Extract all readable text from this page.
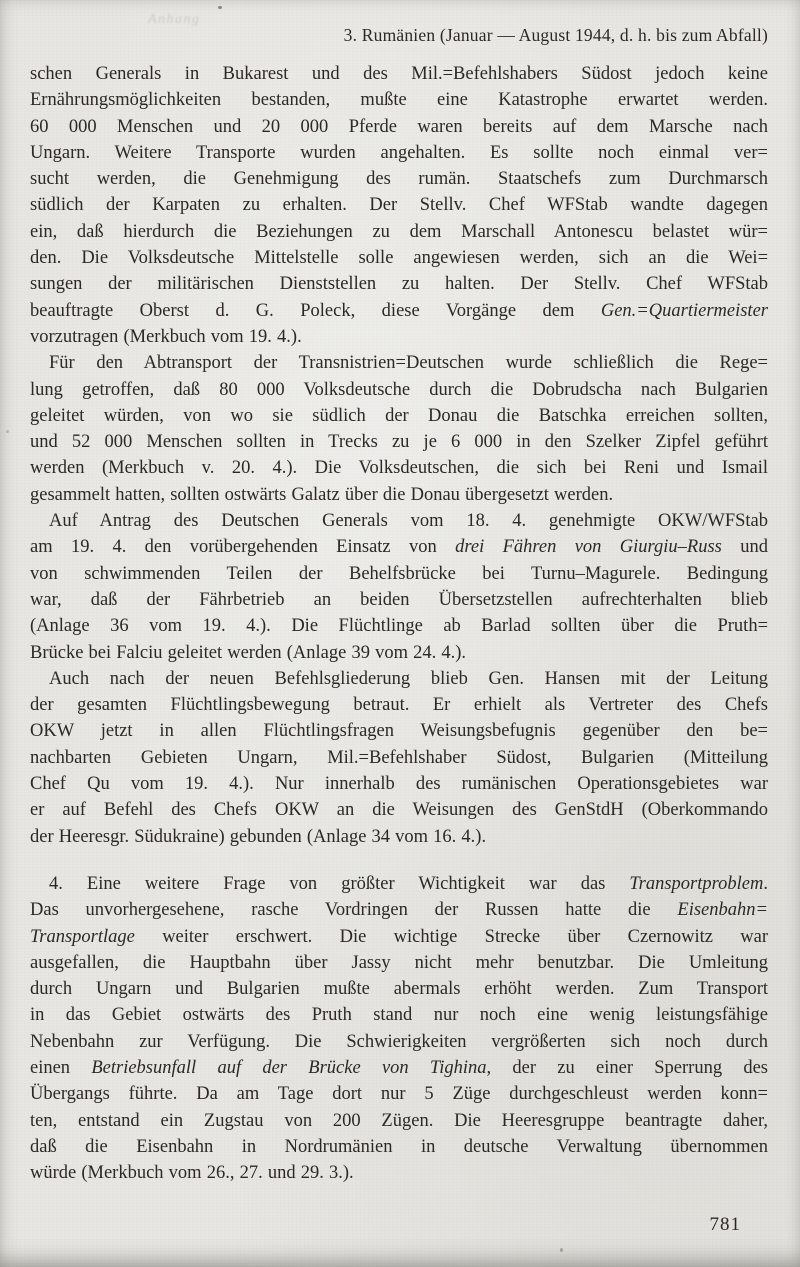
Anhang
3. Rumänien (Januar — August 1944, d. h. bis zum Abfall)
schen Generals in Bukarest und des Mil.=Befehlshabers Südost jedoch keine
Ernährungsmöglichkeiten bestanden, mußte eine Katastrophe erwartet werden.
60 000 Menschen und 20 000 Pferde waren bereits auf dem Marsche nach
Ungarn. Weitere Transporte wurden angehalten. Es sollte noch einmal ver=
sucht werden, die Genehmigung des rumän. Staatschefs zum Durchmarsch
südlich der Karpaten zu erhalten. Der Stellv. Chef WFStab wandte dagegen
ein, daß hierdurch die Beziehungen zu dem Marschall Antonescu belastet wür=
den. Die Volksdeutsche Mittelstelle solle angewiesen werden, sich an die Wei=
sungen der militärischen Dienststellen zu halten. Der Stellv. Chef WFStab
beauftragte Oberst d. G. Poleck, diese Vorgänge dem Gen.=Quartiermeister
vorzutragen (Merkbuch vom 19. 4.).
Für den Abtransport der Transnistrien=Deutschen wurde schließlich die Rege=
lung getroffen, daß 80 000 Volksdeutsche durch die Dobrudscha nach Bulgarien
geleitet würden, von wo sie südlich der Donau die Batschka erreichen sollten,
und 52 000 Menschen sollten in Trecks zu je 6 000 in den Szelker Zipfel geführt
werden (Merkbuch v. 20. 4.). Die Volksdeutschen, die sich bei Reni und Ismail
gesammelt hatten, sollten ostwärts Galatz über die Donau übergesetzt werden.
Auf Antrag des Deutschen Generals vom 18. 4. genehmigte OKW/WFStab
am 19. 4. den vorübergehenden Einsatz von drei Fähren von Giurgiu–Russ und
von schwimmenden Teilen der Behelfsbrücke bei Turnu–Magurele. Bedingung
war, daß der Fährbetrieb an beiden Übersetzstellen aufrechterhalten blieb
(Anlage 36 vom 19. 4.). Die Flüchtlinge ab Barlad sollten über die Pruth=
Brücke bei Falciu geleitet werden (Anlage 39 vom 24. 4.).
Auch nach der neuen Befehlsgliederung blieb Gen. Hansen mit der Leitung
der gesamten Flüchtlingsbewegung betraut. Er erhielt als Vertreter des Chefs
OKW jetzt in allen Flüchtlingsfragen Weisungsbefugnis gegenüber den be=
nachbarten Gebieten Ungarn, Mil.=Befehlshaber Südost, Bulgarien (Mitteilung
Chef Qu vom 19. 4.). Nur innerhalb des rumänischen Operationsgebietes war
er auf Befehl des Chefs OKW an die Weisungen des GenStdH (Oberkommando
der Heeresgr. Südukraine) gebunden (Anlage 34 vom 16. 4.).
4. Eine weitere Frage von größter Wichtigkeit war das Transportproblem.
Das unvorhergesehene, rasche Vordringen der Russen hatte die Eisenbahn=
Transportlage weiter erschwert. Die wichtige Strecke über Czernowitz war
ausgefallen, die Hauptbahn über Jassy nicht mehr benutzbar. Die Umleitung
durch Ungarn und Bulgarien mußte abermals erhöht werden. Zum Transport
in das Gebiet ostwärts des Pruth stand nur noch eine wenig leistungsfähige
Nebenbahn zur Verfügung. Die Schwierigkeiten vergrößerten sich noch durch
einen Betriebsunfall auf der Brücke von Tighina, der zu einer Sperrung des
Übergangs führte. Da am Tage dort nur 5 Züge durchgeschleust werden konn=
ten, entstand ein Zugstau von 200 Zügen. Die Heeresgruppe beantragte daher,
daß die Eisenbahn in Nordrumänien in deutsche Verwaltung übernommen
würde (Merkbuch vom 26., 27. und 29. 3.).
781
